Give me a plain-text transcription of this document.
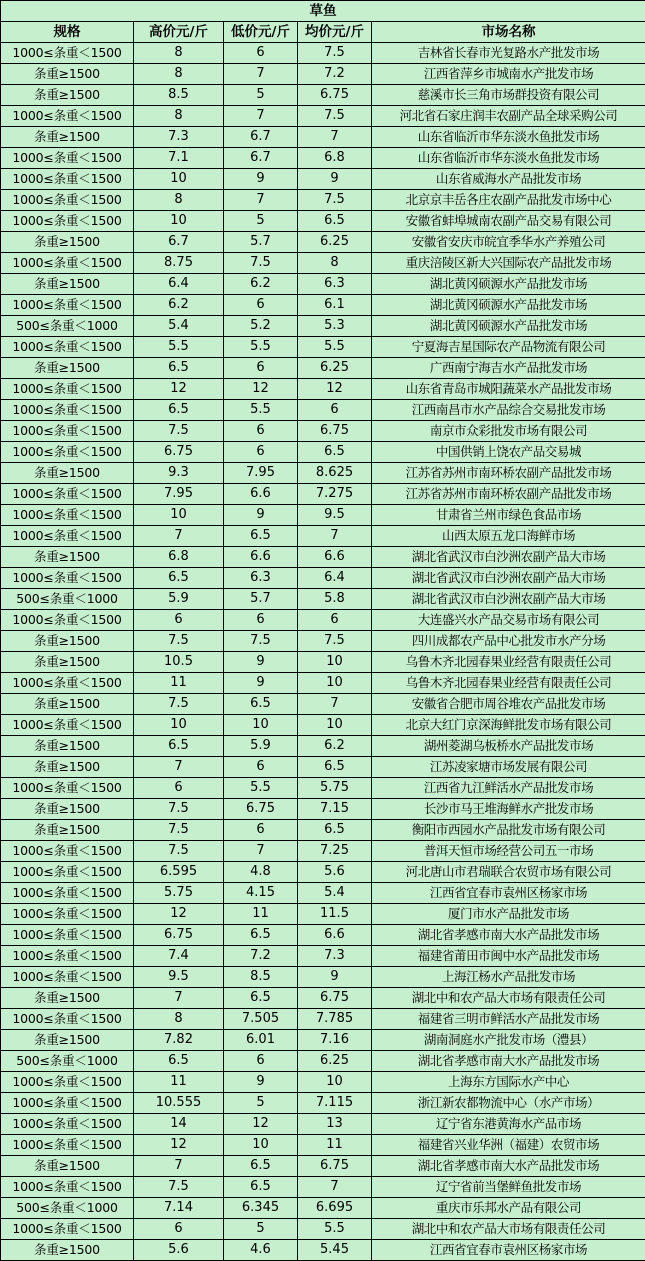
草鱼				
规格	高价元/斤	低价元/斤	均价元/斤	市场名称
1000≤条重＜1500	8	6	7.5	吉林省长春市光复路水产批发市场
条重≥1500	8	7	7.2	江西省萍乡市城南水产批发市场
条重≥1500	8.5	5	6.75	慈溪市长三角市场群投资有限公司
1000≤条重＜1500	8	7	7.5	河北省石家庄润丰农副产品全球采购公司
条重≥1500	7.3	6.7	7	山东省临沂市华东淡水鱼批发市场
1000≤条重＜1500	7.1	6.7	6.8	山东省临沂市华东淡水鱼批发市场
1000≤条重＜1500	10	9	9	山东省威海水产品批发市场
1000≤条重＜1500	8	7	7.5	北京京丰岳各庄农副产品批发市场中心
1000≤条重＜1500	10	5	6.5	安徽省蚌埠城南农副产品交易有限公司
条重≥1500	6.7	5.7	6.25	安徽省安庆市皖宜季华水产养殖公司
1000≤条重＜1500	8.75	7.5	8	重庆涪陵区新大兴国际农产品批发市场
条重≥1500	6.4	6.2	6.3	湖北黄冈硕源水产品批发市场
1000≤条重＜1500	6.2	6	6.1	湖北黄冈硕源水产品批发市场
500≤条重＜1000	5.4	5.2	5.3	湖北黄冈硕源水产品批发市场
1000≤条重＜1500	5.5	5.5	5.5	宁夏海吉星国际农产品物流有限公司
条重≥1500	6.5	6	6.25	广西南宁海吉水产品批发市场
1000≤条重＜1500	12	12	12	山东省青岛市城阳蔬菜水产品批发市场
1000≤条重＜1500	6.5	5.5	6	江西南昌市水产品综合交易批发市场
1000≤条重＜1500	7.5	6	6.75	南京市众彩批发市场有限公司
1000≤条重＜1500	6.75	6	6.5	中国供销上饶农产品交易城
条重≥1500	9.3	7.95	8.625	江苏省苏州市南环桥农副产品批发市场
1000≤条重＜1500	7.95	6.6	7.275	江苏省苏州市南环桥农副产品批发市场
1000≤条重＜1500	10	9	9.5	甘肃省兰州市绿色食品市场
1000≤条重＜1500	7	6.5	7	山西太原五龙口海鲜市场
条重≥1500	6.8	6.6	6.6	湖北省武汉市白沙洲农副产品大市场
1000≤条重＜1500	6.5	6.3	6.4	湖北省武汉市白沙洲农副产品大市场
500≤条重＜1000	5.9	5.7	5.8	湖北省武汉市白沙洲农副产品大市场
1000≤条重＜1500	6	6	6	大连盛兴水产品交易市场有限公司
条重≥1500	7.5	7.5	7.5	四川成都农产品中心批发市水产分场
条重≥1500	10.5	9	10	乌鲁木齐北园春果业经营有限责任公司
1000≤条重＜1500	11	9	10	乌鲁木齐北园春果业经营有限责任公司
条重≥1500	7.5	6.5	7	安徽省合肥市周谷堆农产品批发市场
1000≤条重＜1500	10	10	10	北京大红门京深海鲜批发市场有限公司
条重≥1500	6.5	5.9	6.2	湖州菱湖乌板桥水产品批发市场
条重≥1500	7	6	6.5	江苏凌家塘市场发展有限公司
1000≤条重＜1500	6	5.5	5.75	江西省九江鲜活水产品批发市场
条重≥1500	7.5	6.75	7.15	长沙市马王堆海鲜水产批发市场
条重≥1500	7.5	6	6.5	衡阳市西园水产品批发市场有限公司
1000≤条重＜1500	7.5	7	7.25	普洱天恒市场经营公司五一市场
1000≤条重＜1500	6.595	4.8	5.6	河北唐山市君瑞联合农贸市场有限公司
1000≤条重＜1500	5.75	4.15	5.4	江西省宜春市袁州区杨家市场
1000≤条重＜1500	12	11	11.5	厦门市水产品批发市场
1000≤条重＜1500	6.75	6.5	6.6	湖北省孝感市南大水产品批发市场
1000≤条重＜1500	7.4	7.2	7.3	福建省莆田市闽中水产品批发市场
1000≤条重＜1500	9.5	8.5	9	上海江杨水产品批发市场
条重≥1500	7	6.5	6.75	湖北中和农产品大市场有限责任公司
1000≤条重＜1500	8	7.505	7.785	福建省三明市鲜活水产品批发市场
条重≥1500	7.82	6.01	7.16	湖南洞庭水产批发市场（澧县）
500≤条重＜1000	6.5	6	6.25	湖北省孝感市南大水产品批发市场
1000≤条重＜1500	11	9	10	上海东方国际水产中心
1000≤条重＜1500	10.555	5	7.115	浙江新农都物流中心（水产市场）
1000≤条重＜1500	14	12	13	辽宁省东港黄海水产品市场
1000≤条重＜1500	12	10	11	福建省兴业华洲（福建）农贸市场
条重≥1500	7	6.5	6.75	湖北省孝感市南大水产品批发市场
1000≤条重＜1500	7.5	6.5	7	辽宁省前当堡鲜鱼批发市场
500≤条重＜1000	7.14	6.345	6.695	重庆市乐邦水产品有限公司
1000≤条重＜1500	6	5	5.5	湖北中和农产品大市场有限责任公司
条重≥1500	5.6	4.6	5.45	江西省宜春市袁州区杨家市场
